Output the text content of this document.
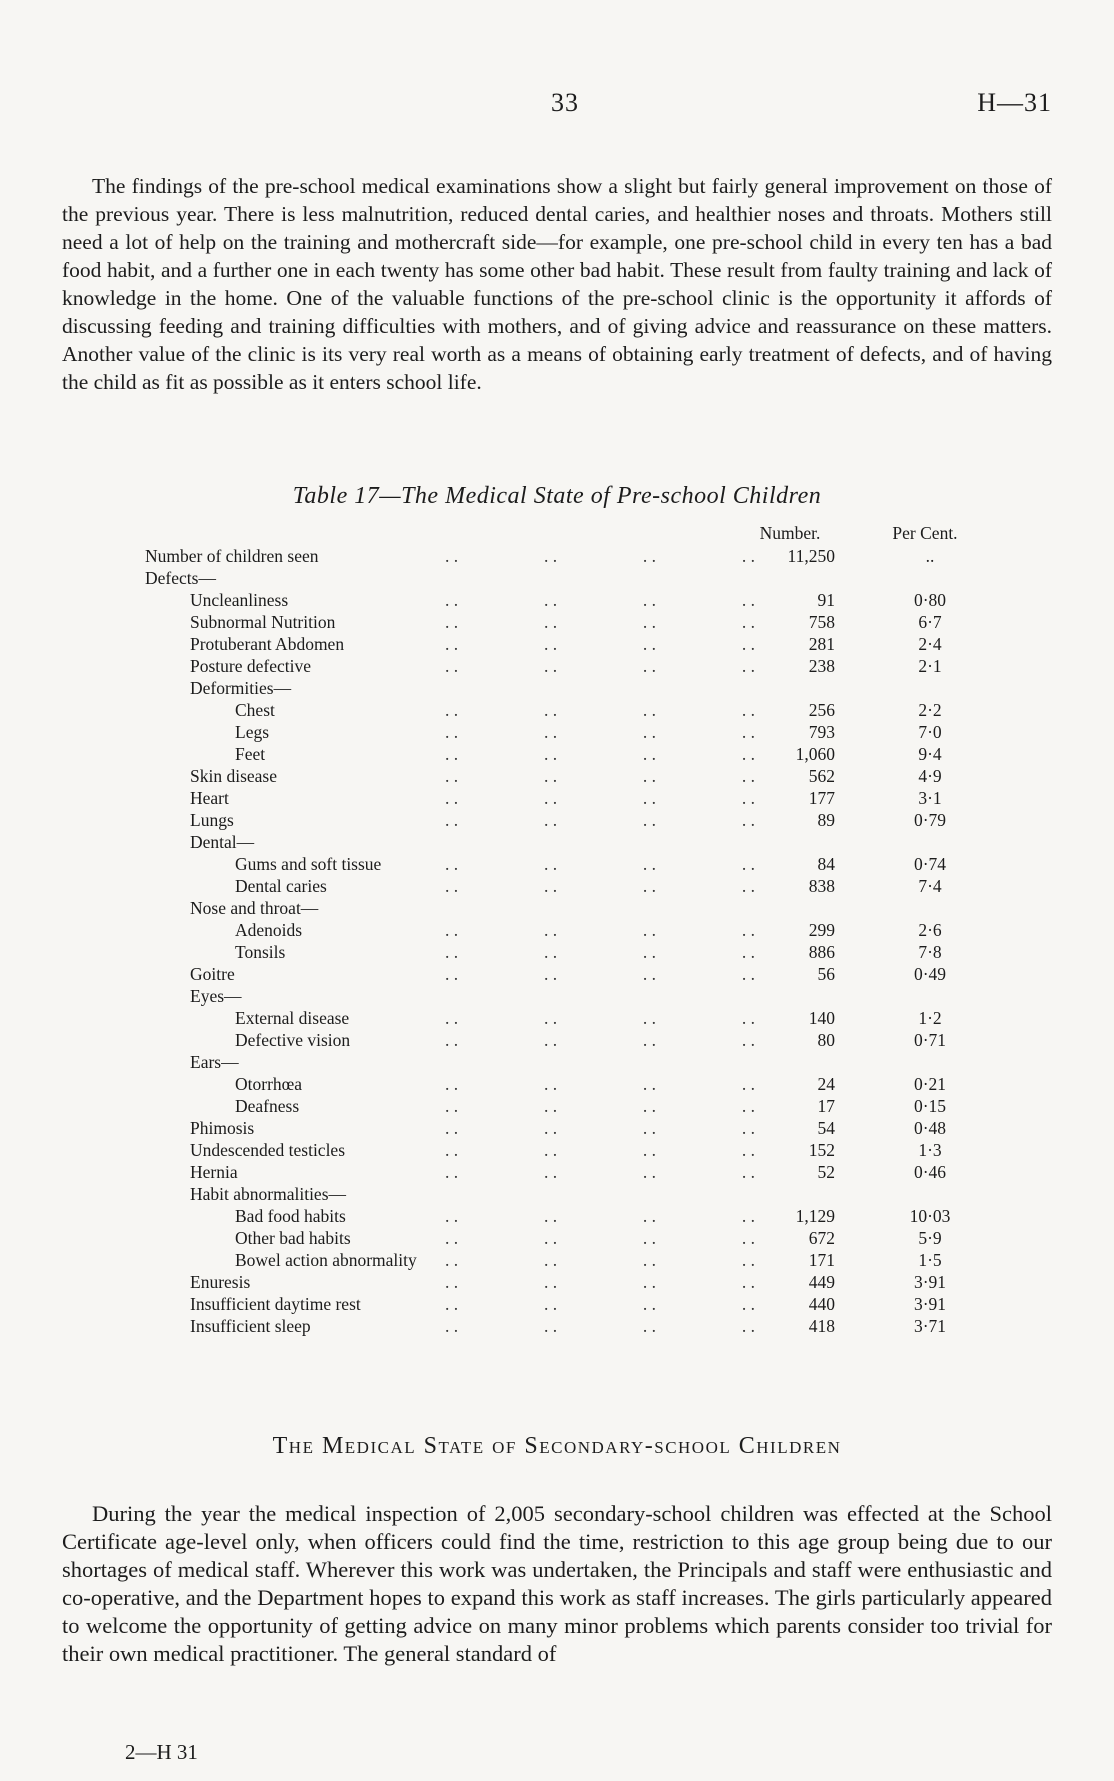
33	H—31

The findings of the pre-school medical examinations show a slight but fairly general improvement on those of the previous year. There is less malnutrition, reduced dental caries, and healthier noses and throats. Mothers still need a lot of help on the training and mothercraft side—for example, one pre-school child in every ten has a bad food habit, and a further one in each twenty has some other bad habit. These result from faulty training and lack of knowledge in the home. One of the valuable functions of the pre-school clinic is the opportunity it affords of discussing feeding and training difficulties with mothers, and of giving advice and reassurance on these matters. Another value of the clinic is its very real worth as a means of obtaining early treatment of defects, and of having the child as fit as possible as it enters school life.

Table 17—The Medical State of Pre-school Children
Number.	Per Cent.
Number of children seen	. .	. .	. .	. .	11,250	..
Defects—
Uncleanliness	. .	. .	. .	. .	91	0·80
Subnormal Nutrition	. .	. .	. .	. .	758	6·7
Protuberant Abdomen	. .	. .	. .	. .	281	2·4
Posture defective	. .	. .	. .	. .	238	2·1
Deformities—
Chest	. .	. .	. .	. .	256	2·2
Legs	. .	. .	. .	. .	793	7·0
Feet	. .	. .	. .	. .	1,060	9·4
Skin disease	. .	. .	. .	. .	562	4·9
Heart	. .	. .	. .	. .	177	3·1
Lungs	. .	. .	. .	. .	89	0·79
Dental—
Gums and soft tissue	. .	. .	. .	. .	84	0·74
Dental caries	. .	. .	. .	. .	838	7·4
Nose and throat—
Adenoids	. .	. .	. .	. .	299	2·6
Tonsils	. .	. .	. .	. .	886	7·8
Goitre	. .	. .	. .	. .	56	0·49
Eyes—
External disease	. .	. .	. .	. .	140	1·2
Defective vision	. .	. .	. .	. .	80	0·71
Ears—
Otorrhœa	. .	. .	. .	. .	24	0·21
Deafness	. .	. .	. .	. .	17	0·15
Phimosis	. .	. .	. .	. .	54	0·48
Undescended testicles	. .	. .	. .	. .	152	1·3
Hernia	. .	. .	. .	. .	52	0·46
Habit abnormalities—
Bad food habits	. .	. .	. .	. .	1,129	10·03
Other bad habits	. .	. .	. .	. .	672	5·9
Bowel action abnormality . .	. .	. .	. .	171	1·5
Enuresis	. .	. .	. .	. .	449	3·91
Insufficient daytime rest	. .	. .	. .	. .	440	3·91
Insufficient sleep	. .	. .	. .	. .	418	3·71
The Medical State of Secondary-school Children

During the year the medical inspection of 2,005 secondary-school children was effected at the School Certificate age-level only, when officers could find the time, restriction to this age group being due to our shortages of medical staff. Wherever this work was undertaken, the Principals and staff were enthusiastic and co-operative, and the Department hopes to expand this work as staff increases. The girls particularly appeared to welcome the opportunity of getting advice on many minor problems which parents consider too trivial for their own medical practitioner. The general standard of

2—H 31
